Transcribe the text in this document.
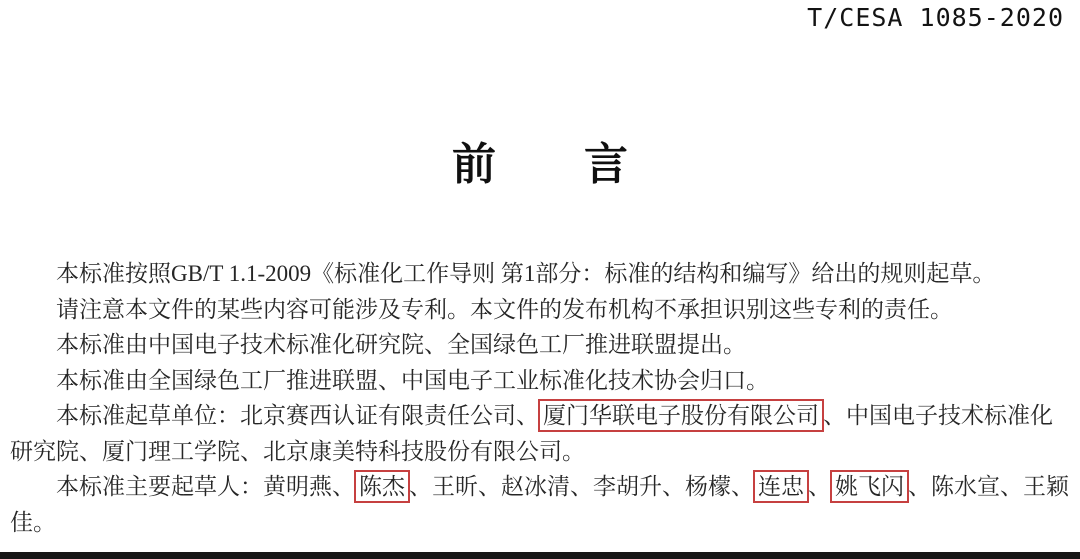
T/CESA 1085-2020
前　　言
本标准按照GB/T 1.1-2009《标准化工作导则 第1部分：标准的结构和编写》给出的规则起草。
请注意本文件的某些内容可能涉及专利。本文件的发布机构不承担识别这些专利的责任。
本标准由中国电子技术标准化研究院、全国绿色工厂推进联盟提出。
本标准由全国绿色工厂推进联盟、中国电子工业标准化技术协会归口。
本标准起草单位：北京赛西认证有限责任公司、 厦门华联电子股份有限公司 、中国电子技术标准化
研究院、厦门理工学院、北京康美特科技股份有限公司。
本标准主要起草人：黄明燕、 陈杰 、王昕、赵冰清、李胡升、杨檬、 连忠 、 姚飞闪 、陈水宣、王颖
佳。
